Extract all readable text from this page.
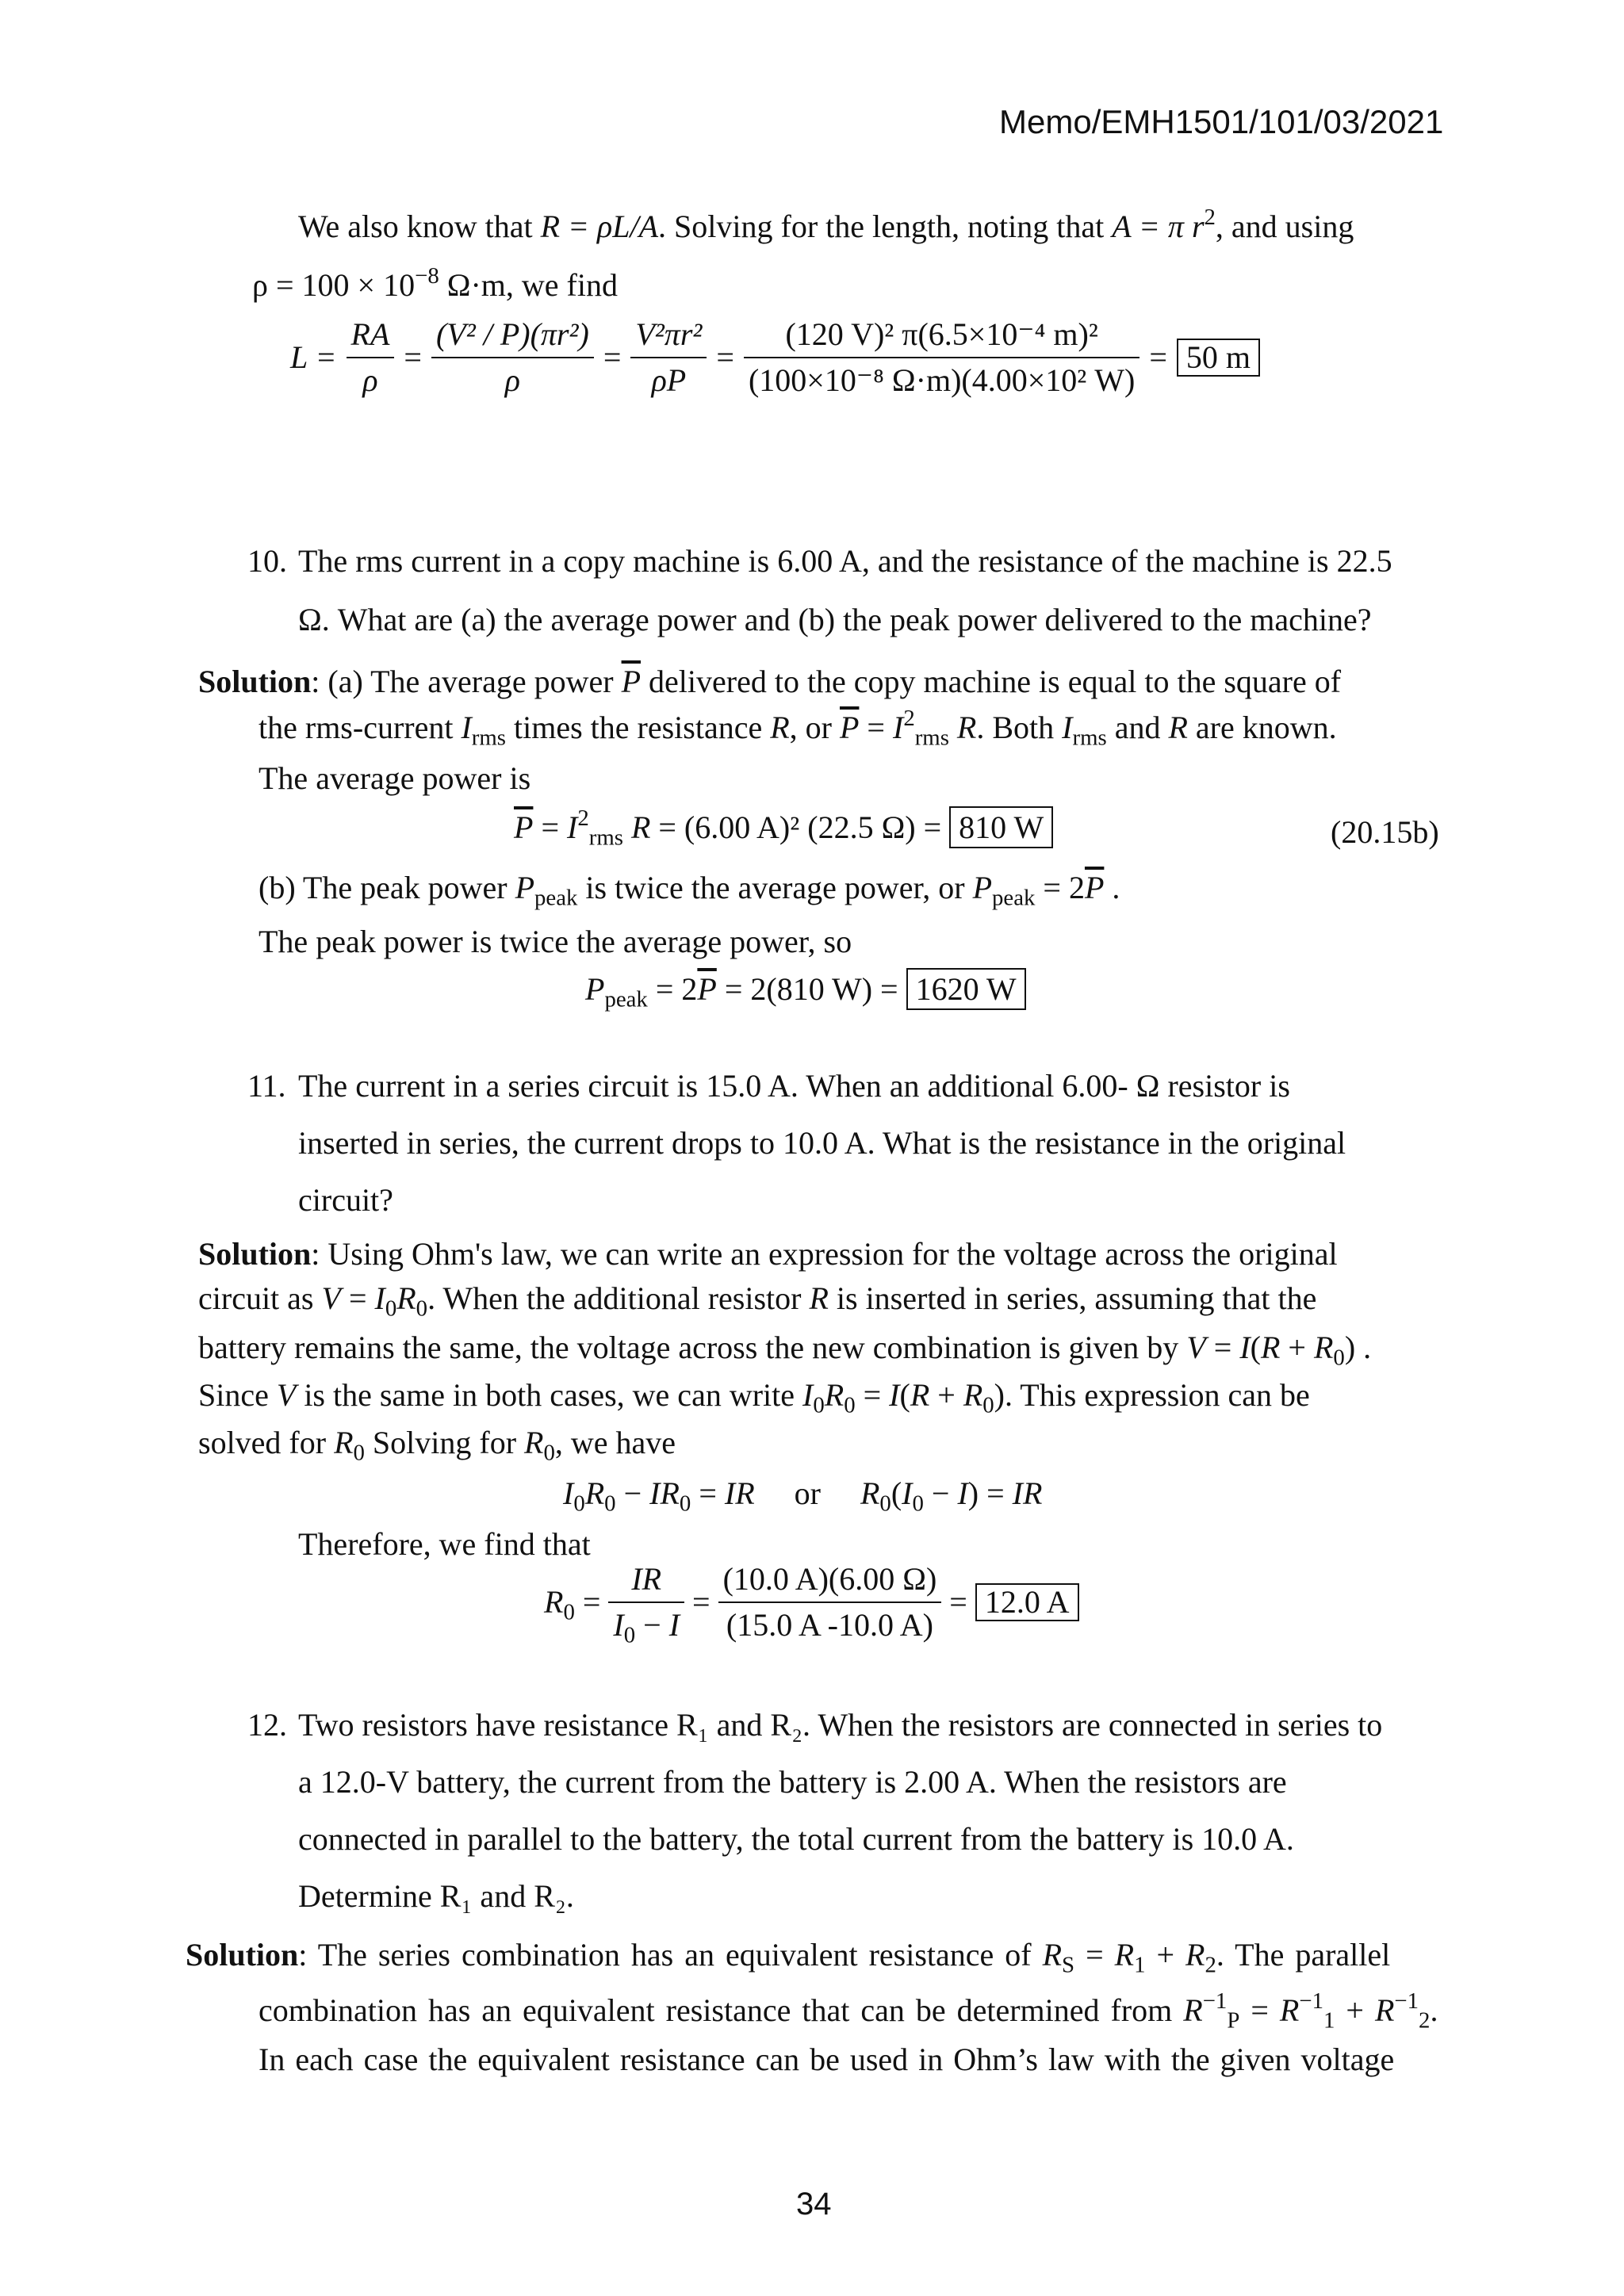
Memo/EMH1501/101/03/2021
We also know that R = ρL/A. Solving for the length, noting that A = π $r^2$, and using
$\rho = 100 \times 10^{-8}$ Ω·m, we find
$L = \frac{RA}{\rho} = \frac{\text{(V² / P)(πr²)}}{\rho} = \frac{\text{V²πr²}}{\rho P} = \frac{\text{(120 V)² π(6.5×10⁻⁴ m)²}}{\text{(100×10⁻⁸ Ω·m)(4.00×10² W)}} = 50$ m
10. The rms current in a copy machine is 6.00 A, and the resistance of the machine is 22.5
Ω. What are (a) the average power and (b) the peak power delivered to the machine?
Solution: (a) The average power $\overline{P}$ delivered to the copy machine is equal to the square of
the rms-current $I_{rms}$ times the resistance R, or $\overline{P} = I^2_{rms}$ R. Both $I_{rms}$ and R are known.
The average power is
$\overline{P} = I^2_{rms}$ R = (6.00 A)² (22.5 Ω) = 810 W	(20.15b)
(b) The peak power $P_{peak}$ is twice the average power, or $P_{peak} = 2\overline{P}$ .
The peak power is twice the average power, so
$P_{peak} = 2\overline{P} = 2(810$ W) = 1620 W
11. The current in a series circuit is 15.0 A. When an additional 6.00- Ω resistor is
inserted in series, the current drops to 10.0 A. What is the resistance in the original
circuit?
Solution: Using Ohm's law, we can write an expression for the voltage across the original
circuit as $V = I_0R_0$. When the additional resistor R is inserted in series, assuming that the
battery remains the same, the voltage across the new combination is given by $V = I(R + R_0)$ .
Since V is the same in both cases, we can write $I_0R_0 = I(R + R_0)$. This expression can be
solved for $R_0$ Solving for $R_0$, we have
$I_0R_0 - IR_0$ = IR or $R_0(I_0 - I)$ = IR
Therefore, we find that
$R_0 = \frac{IR}{I_0 - I} = \frac{(10.0 A)(6.00 \Omega)}{(15.0 A -10.0 A)} = 12.0$ A
12. Two resistors have resistance R₁ and R₂. When the resistors are connected in series to
a 12.0-V battery, the current from the battery is 2.00 A. When the resistors are
connected in parallel to the battery, the total current from the battery is 10.0 A.
Determine R₁ and R₂.
Solution: The series combination has an equivalent resistance of $R_S = R_1 + R_2$. The parallel
combination has an equivalent resistance that can be determined from $R^{-1}_P = R^{-1}_1 + R^{-1}_2$.
In each case the equivalent resistance can be used in Ohm’s law with the given voltage
34
